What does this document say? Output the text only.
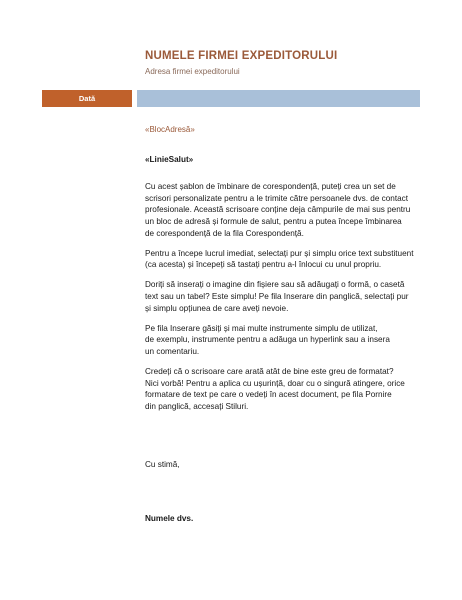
NUMELE FIRMEI EXPEDITORULUI
Adresa firmei expeditorului
Dată
«BlocAdresă»
«LinieSalut»
Cu acest șablon de îmbinare de corespondență, puteți crea un set de
scrisori personalizate pentru a le trimite către persoanele dvs. de contact
profesionale. Această scrisoare conține deja câmpurile de mai sus pentru
un bloc de adresă și formule de salut, pentru a putea începe îmbinarea
de corespondență de la fila Corespondență.
Pentru a începe lucrul imediat, selectați pur și simplu orice text substituent
(ca acesta) și începeți să tastați pentru a-l înlocui cu unul propriu.
Doriți să inserați o imagine din fișiere sau să adăugați o formă, o casetă
text sau un tabel? Este simplu! Pe fila Inserare din panglică, selectați pur
și simplu opțiunea de care aveți nevoie.
Pe fila Inserare găsiți și mai multe instrumente simplu de utilizat,
de exemplu, instrumente pentru a adăuga un hyperlink sau a insera
un comentariu.
Credeți că o scrisoare care arată atât de bine este greu de formatat?
Nici vorbă! Pentru a aplica cu ușurință, doar cu o singură atingere, orice
formatare de text pe care o vedeți în acest document, pe fila Pornire
din panglică, accesați Stiluri.
Cu stimă,
Numele dvs.
